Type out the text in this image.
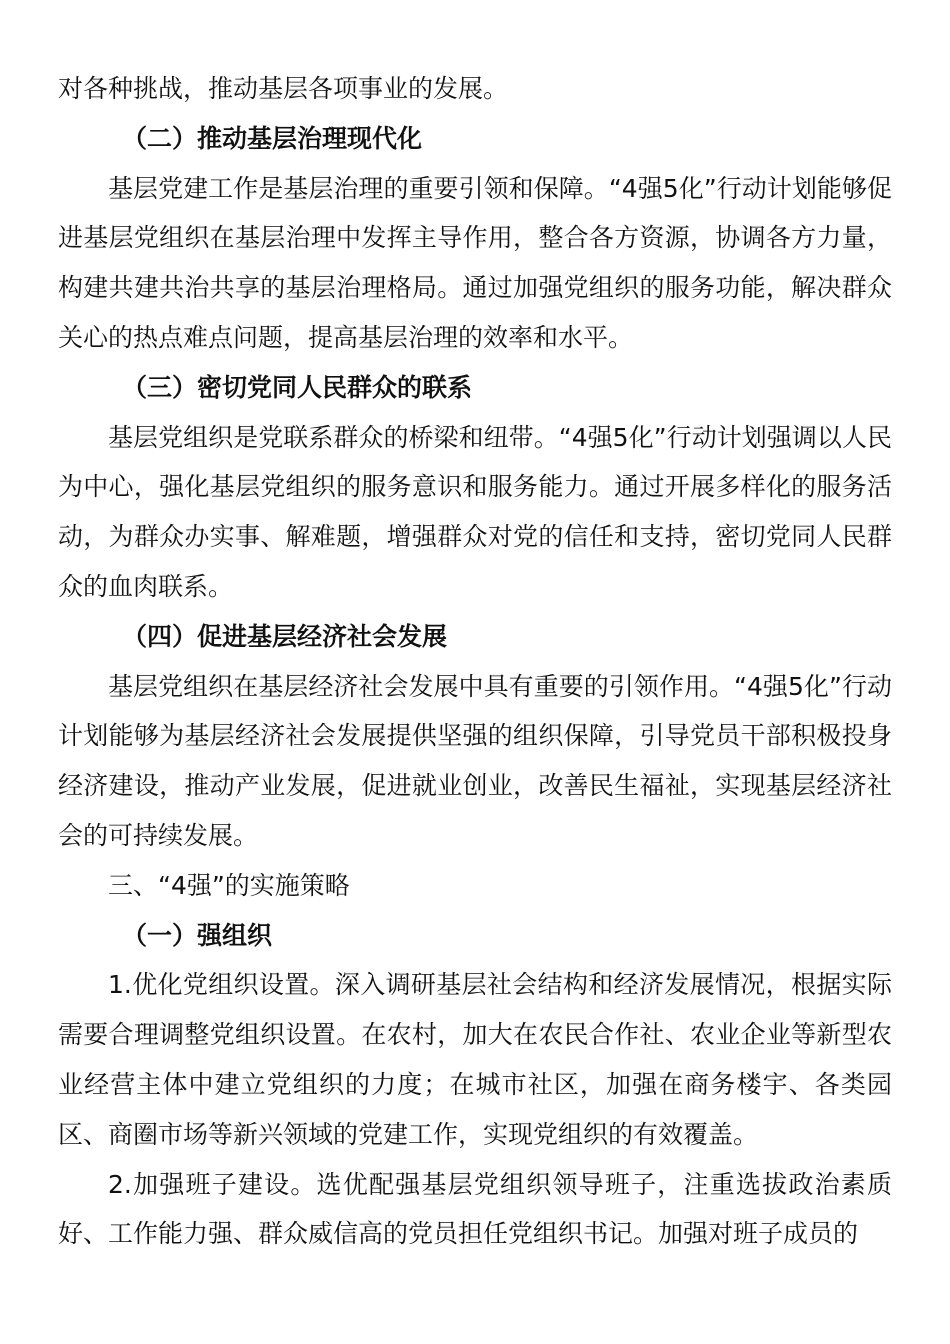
对各种挑战，推动基层各项事业的发展。

（二）推动基层治理现代化

基层党建工作是基层治理的重要引领和保障。“4强5化”行动计划能够促进基层党组织在基层治理中发挥主导作用，整合各方资源，协调各方力量，构建共建共治共享的基层治理格局。通过加强党组织的服务功能，解决群众关心的热点难点问题，提高基层治理的效率和水平。

（三）密切党同人民群众的联系

基层党组织是党联系群众的桥梁和纽带。“4强5化”行动计划强调以人民为中心，强化基层党组织的服务意识和服务能力。通过开展多样化的服务活动，为群众办实事、解难题，增强群众对党的信任和支持，密切党同人民群众的血肉联系。

（四）促进基层经济社会发展

基层党组织在基层经济社会发展中具有重要的引领作用。“4强5化”行动计划能够为基层经济社会发展提供坚强的组织保障，引导党员干部积极投身经济建设，推动产业发展，促进就业创业，改善民生福祉，实现基层经济社会的可持续发展。

三、“4强”的实施策略

（一）强组织

1.优化党组织设置。深入调研基层社会结构和经济发展情况，根据实际需要合理调整党组织设置。在农村，加大在农民合作社、农业企业等新型农业经营主体中建立党组织的力度；在城市社区，加强在商务楼宇、各类园区、商圈市场等新兴领域的党建工作，实现党组织的有效覆盖。

2.加强班子建设。选优配强基层党组织领导班子，注重选拔政治素质好、工作能力强、群众威信高的党员担任党组织书记。加强对班子成员的
